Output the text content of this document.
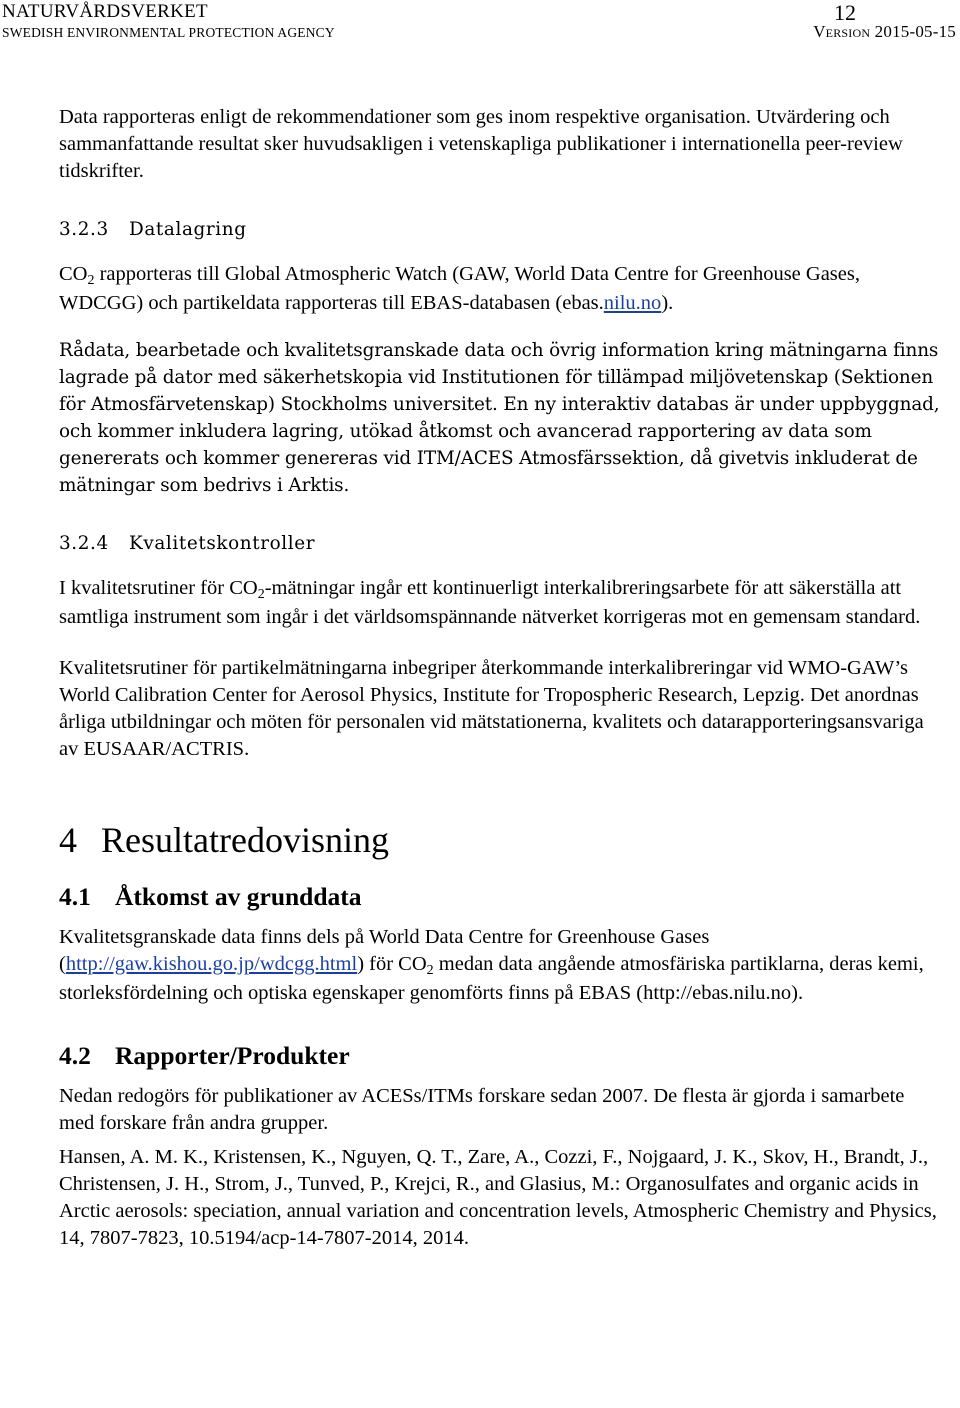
NATURVÅRDSVERKET	12
SWEDISH ENVIRONMENTAL PROTECTION AGENCY	Version 2015-05-15

Data rapporteras enligt de rekommendationer som ges inom respektive organisation. Utvärdering och sammanfattande resultat sker huvudsakligen i vetenskapliga publikationer i internationella peer-review tidskrifter.

3.2.3 Datalagring

$CO_2$ rapporteras till Global Atmospheric Watch (GAW, World Data Centre for Greenhouse Gases, WDCGG) och partikeldata rapporteras till EBAS-databasen (ebas.nilu.no).

Rådata, bearbetade och kvalitetsgranskade data och övrig information kring mätningarna finns lagrade på dator med säkerhetskopia vid Institutionen för tillämpad miljövetenskap (Sektionen för Atmosfärvetenskap) Stockholms universitet. En ny interaktiv databas är under uppbyggnad, och kommer inkludera lagring, utökad åtkomst och avancerad rapportering av data som genererats och kommer genereras vid ITM/ACES Atmosfärssektion, då givetvis inkluderat de mätningar som bedrivs i Arktis.

3.2.4 Kvalitetskontroller

I kvalitetsrutiner för $CO_2$-mätningar ingår ett kontinuerligt interkalibreringsarbete för att säkerställa att samtliga instrument som ingår i det världsomspännande nätverket korrigeras mot en gemensam standard.

Kvalitetsrutiner för partikelmätningarna inbegriper återkommande interkalibreringar vid WMO-GAW’s World Calibration Center for Aerosol Physics, Institute for Tropospheric Research, Lepzig. Det anordnas årliga utbildningar och möten för personalen vid mätstationerna, kvalitets och datarapporteringsansvariga av EUSAAR/ACTRIS.

4 Resultatredovisning
4.1 Åtkomst av grunddata

Kvalitetsgranskade data finns dels på World Data Centre for Greenhouse Gases (http://gaw.kishou.go.jp/wdcgg.html) för $CO_2$ medan data angående atmosfäriska partiklarna, deras kemi, storleksfördelning och optiska egenskaper genomförts finns på EBAS (http://ebas.nilu.no).

4.2 Rapporter/Produkter

Nedan redogörs för publikationer av ACESs/ITMs forskare sedan 2007. De flesta är gjorda i samarbete med forskare från andra grupper.

Hansen, A. M. K., Kristensen, K., Nguyen, Q. T., Zare, A., Cozzi, F., Nojgaard, J. K., Skov, H., Brandt, J., Christensen, J. H., Strom, J., Tunved, P., Krejci, R., and Glasius, M.: Organosulfates and organic acids in Arctic aerosols: speciation, annual variation and concentration levels, Atmospheric Chemistry and Physics, 14, 7807-7823, 10.5194/acp-14-7807-2014, 2014.
